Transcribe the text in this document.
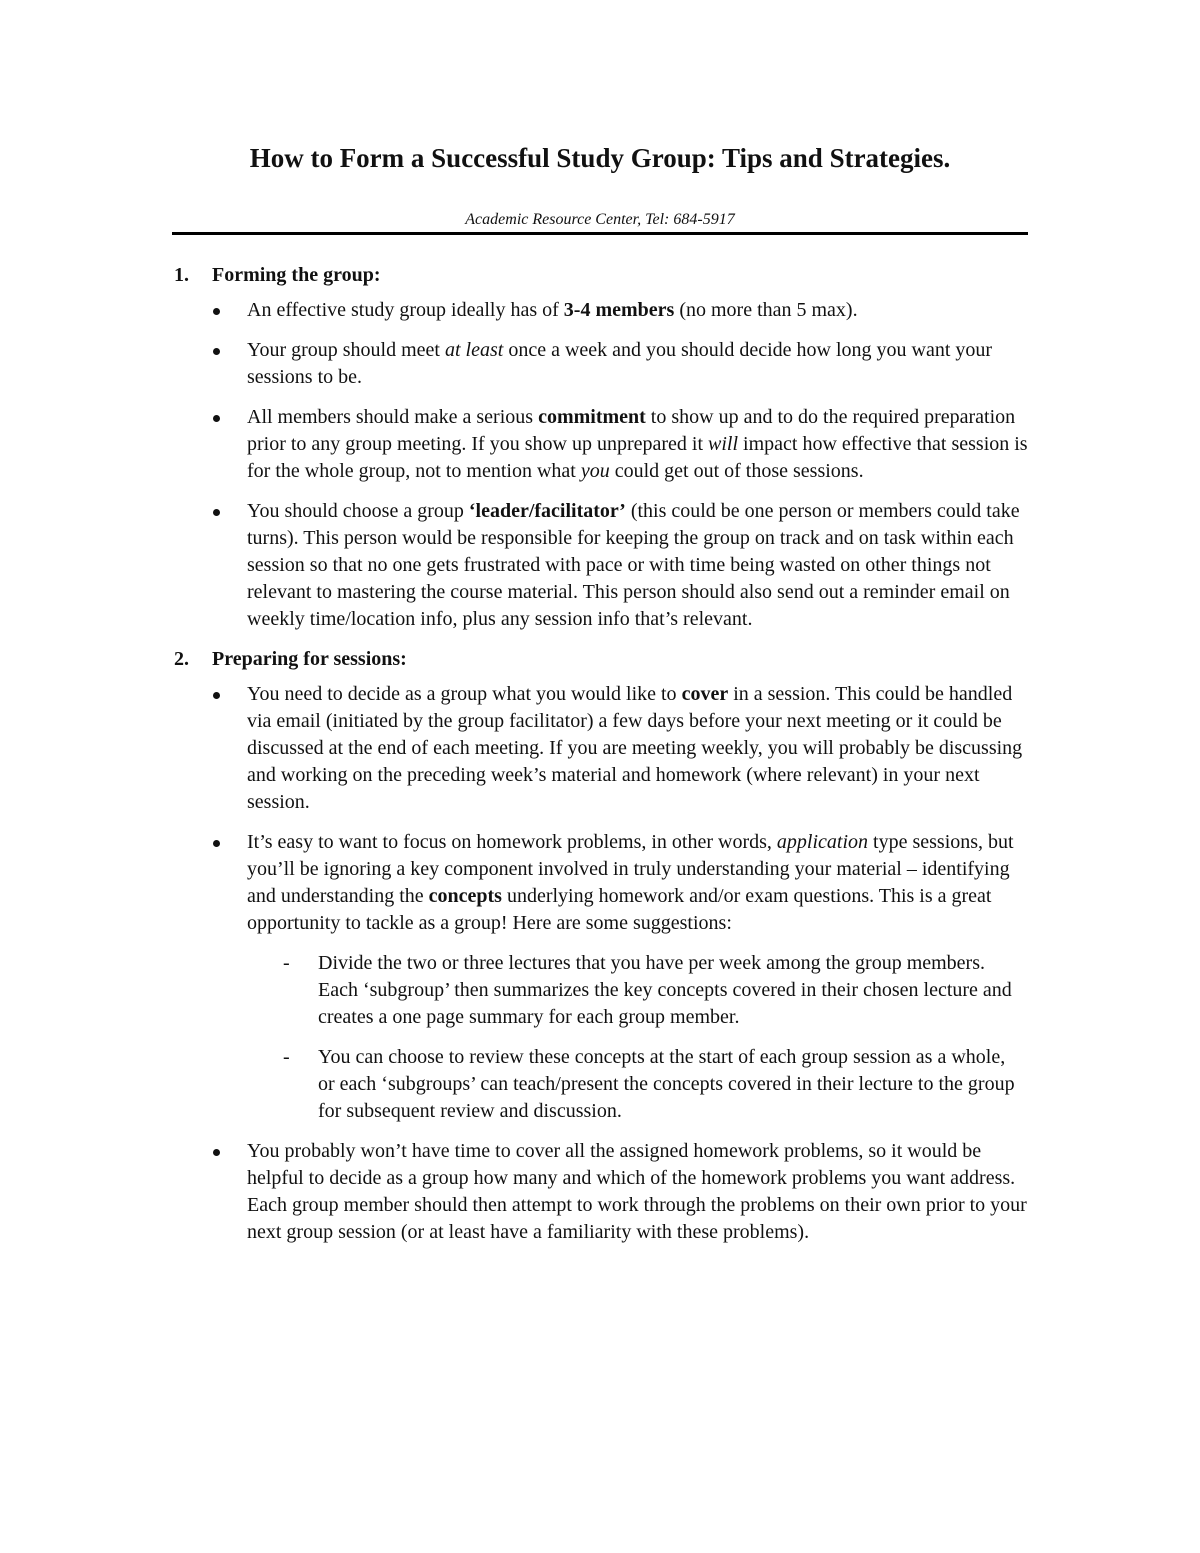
How to Form a Successful Study Group: Tips and Strategies.

Academic Resource Center, Tel: 684-5917

1. Forming the group:
An effective study group ideally has of 3-4 members (no more than 5 max).
Your group should meet at least once a week and you should decide how long you want your sessions to be.
All members should make a serious commitment to show up and to do the required preparation prior to any group meeting. If you show up unprepared it will impact how effective that session is for the whole group, not to mention what you could get out of those sessions.
You should choose a group ‘leader/facilitator’ (this could be one person or members could take turns). This person would be responsible for keeping the group on track and on task within each session so that no one gets frustrated with pace or with time being wasted on other things not relevant to mastering the course material. This person should also send out a reminder email on weekly time/location info, plus any session info that’s relevant.
2. Preparing for sessions:
You need to decide as a group what you would like to cover in a session. This could be handled via email (initiated by the group facilitator) a few days before your next meeting or it could be discussed at the end of each meeting. If you are meeting weekly, you will probably be discussing and working on the preceding week’s material and homework (where relevant) in your next session.
It’s easy to want to focus on homework problems, in other words, application type sessions, but you’ll be ignoring a key component involved in truly understanding your material – identifying and understanding the concepts underlying homework and/or exam questions. This is a great opportunity to tackle as a group! Here are some suggestions:
- Divide the two or three lectures that you have per week among the group members. Each ‘subgroup’ then summarizes the key concepts covered in their chosen lecture and creates a one page summary for each group member.
- You can choose to review these concepts at the start of each group session as a whole, or each ‘subgroups’ can teach/present the concepts covered in their lecture to the group for subsequent review and discussion.
You probably won’t have time to cover all the assigned homework problems, so it would be helpful to decide as a group how many and which of the homework problems you want address. Each group member should then attempt to work through the problems on their own prior to your next group session (or at least have a familiarity with these problems).
